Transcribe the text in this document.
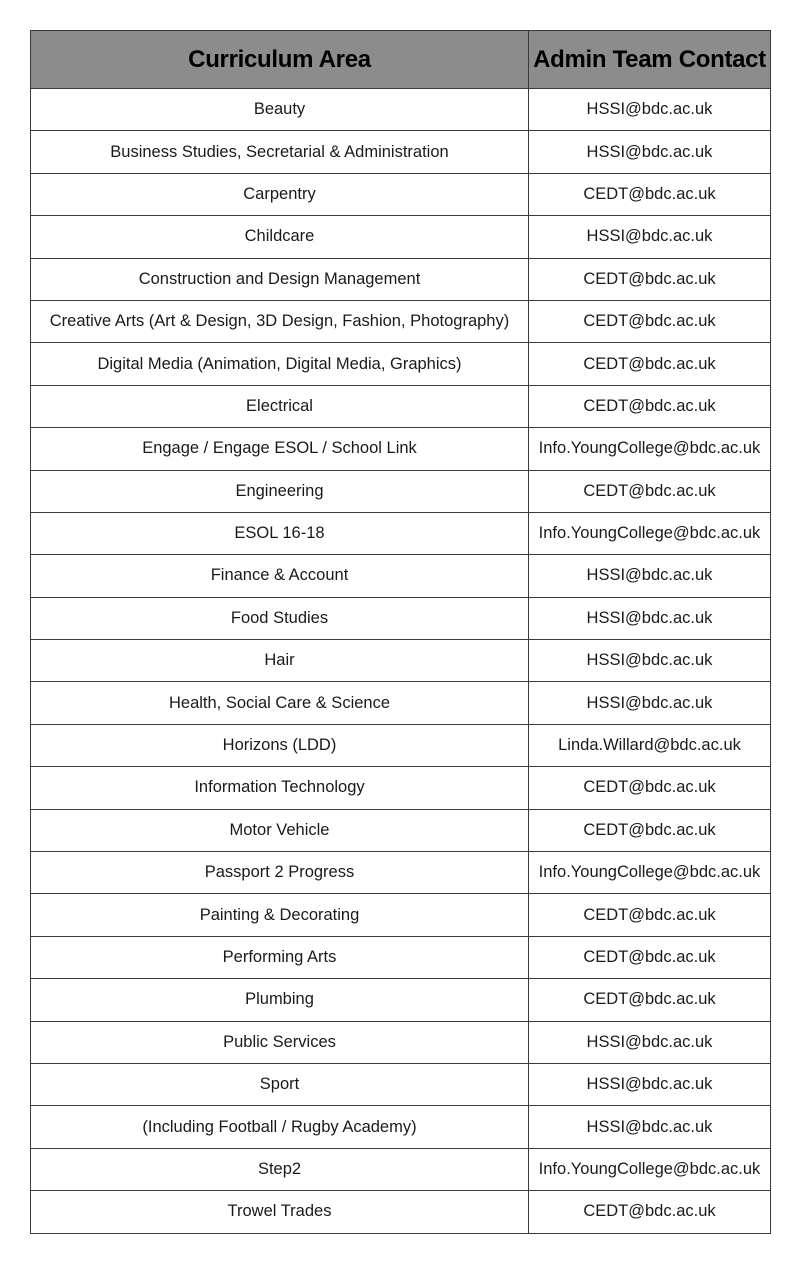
Curriculum Area	Admin Team Contact
Beauty	HSSI@bdc.ac.uk
Business Studies, Secretarial & Administration	HSSI@bdc.ac.uk
Carpentry	CEDT@bdc.ac.uk
Childcare	HSSI@bdc.ac.uk
Construction and Design Management	CEDT@bdc.ac.uk
Creative Arts (Art & Design, 3D Design, Fashion, Photography)	CEDT@bdc.ac.uk
Digital Media (Animation, Digital Media, Graphics)	CEDT@bdc.ac.uk
Electrical	CEDT@bdc.ac.uk
Engage / Engage ESOL / School Link	Info.YoungCollege@bdc.ac.uk
Engineering	CEDT@bdc.ac.uk
ESOL 16-18	Info.YoungCollege@bdc.ac.uk
Finance & Account	HSSI@bdc.ac.uk
Food Studies	HSSI@bdc.ac.uk
Hair	HSSI@bdc.ac.uk
Health, Social Care & Science	HSSI@bdc.ac.uk
Horizons (LDD)	Linda.Willard@bdc.ac.uk
Information Technology	CEDT@bdc.ac.uk
Motor Vehicle	CEDT@bdc.ac.uk
Passport 2 Progress	Info.YoungCollege@bdc.ac.uk
Painting & Decorating	CEDT@bdc.ac.uk
Performing Arts	CEDT@bdc.ac.uk
Plumbing	CEDT@bdc.ac.uk
Public Services	HSSI@bdc.ac.uk
Sport	HSSI@bdc.ac.uk
(Including Football / Rugby Academy)	HSSI@bdc.ac.uk
Step2	Info.YoungCollege@bdc.ac.uk
Trowel Trades	CEDT@bdc.ac.uk
